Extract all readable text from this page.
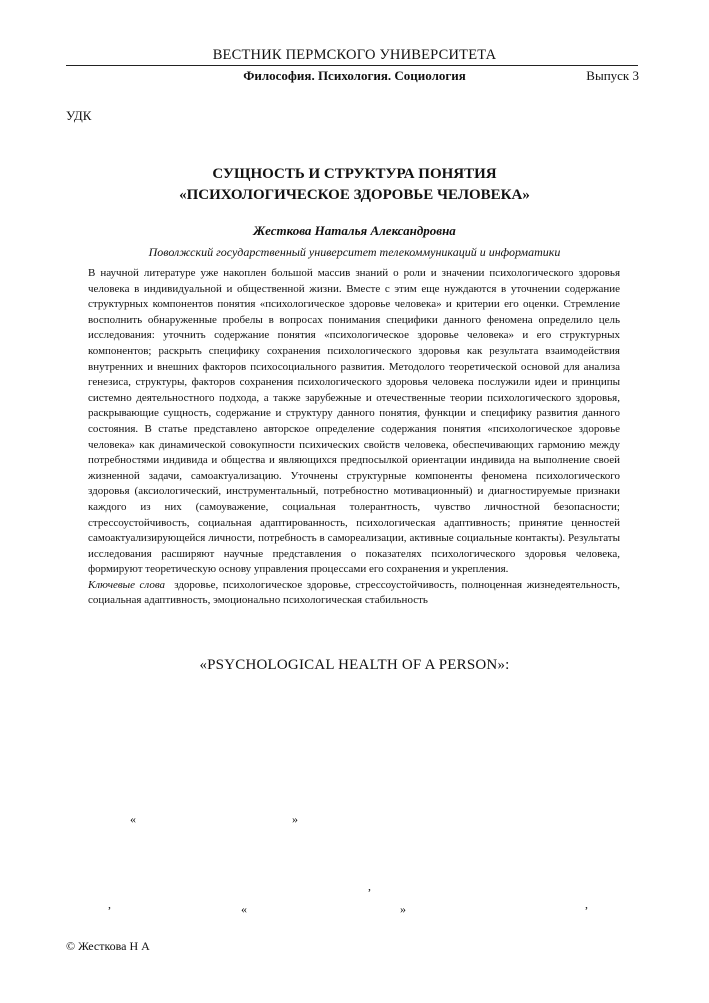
ВЕСТНИК ПЕРМСКОГО УНИВЕРСИТЕТА
Философия. Психология. Социология	Выпуск 3
УДК
СУЩНОСТЬ И СТРУКТУРА ПОНЯТИЯ
«ПСИХОЛОГИЧЕСКОЕ ЗДОРОВЬЕ ЧЕЛОВЕКА»
Жесткова Наталья Александровна
Поволжский государственный университет телекоммуникаций и информатики

В научной литературе уже накоплен большой массив знаний о роли и значении психологического здоровья человека в индивидуальной и общественной жизни. Вместе с этим еще нуждаются в уточнении содержание структурных компонентов понятия «психологическое здоровье человека» и критерии его оценки. Стремление восполнить обнаруженные пробелы в вопросах понимания специфики данного феномена определило цель исследования: уточнить содержание понятия «психологическое здоровье человека» и его структурных компонентов; раскрыть специфику сохранения психологического здоровья как результата взаимодействия внутренних и внешних факторов психосоциального развития. Методолого теоретической основой для анализа генезиса, структуры, факторов сохранения психологического здоровья человека послужили идеи и принципы системно деятельностного подхода, а также зарубежные и отечественные теории психологического здоровья, раскрывающие сущность, содержание и структуру данного понятия, функции и специфику развития данного состояния. В статье представлено авторское определение содержания понятия «психологическое здоровье человека» как динамической совокупности психических свойств человека, обеспечивающих гармонию между потребностями индивида и общества и являющихся предпосылкой ориентации индивида на выполнение своей жизненной задачи, самоактуализацию. Уточнены структурные компоненты феномена психологического здоровья (аксиологический, инструментальный, потребностно мотивационный) и диагностируемые признаки каждого из них (самоуважение, социальная толерантность, чувство личностной безопасности; стрессоустойчивость, социальная адаптированность, психологическая адаптивность; принятие ценностей самоактуализирующейся личности, потребность в самореализации, активные социальные контакты). Результаты исследования расширяют научные представления о показателях психологического здоровья человека, формируют теоретическую основу управления процессами его сохранения и укрепления.

Ключевые слова здоровье, психологическое здоровье, стрессоустойчивость, полноценная жизнедеятельность, социальная адаптивность, эмоционально психологическая стабильность

«PSYCHOLOGICAL HEALTH OF A PERSON»:
«	»
,
,	«	»	,
© Жесткова Н А
